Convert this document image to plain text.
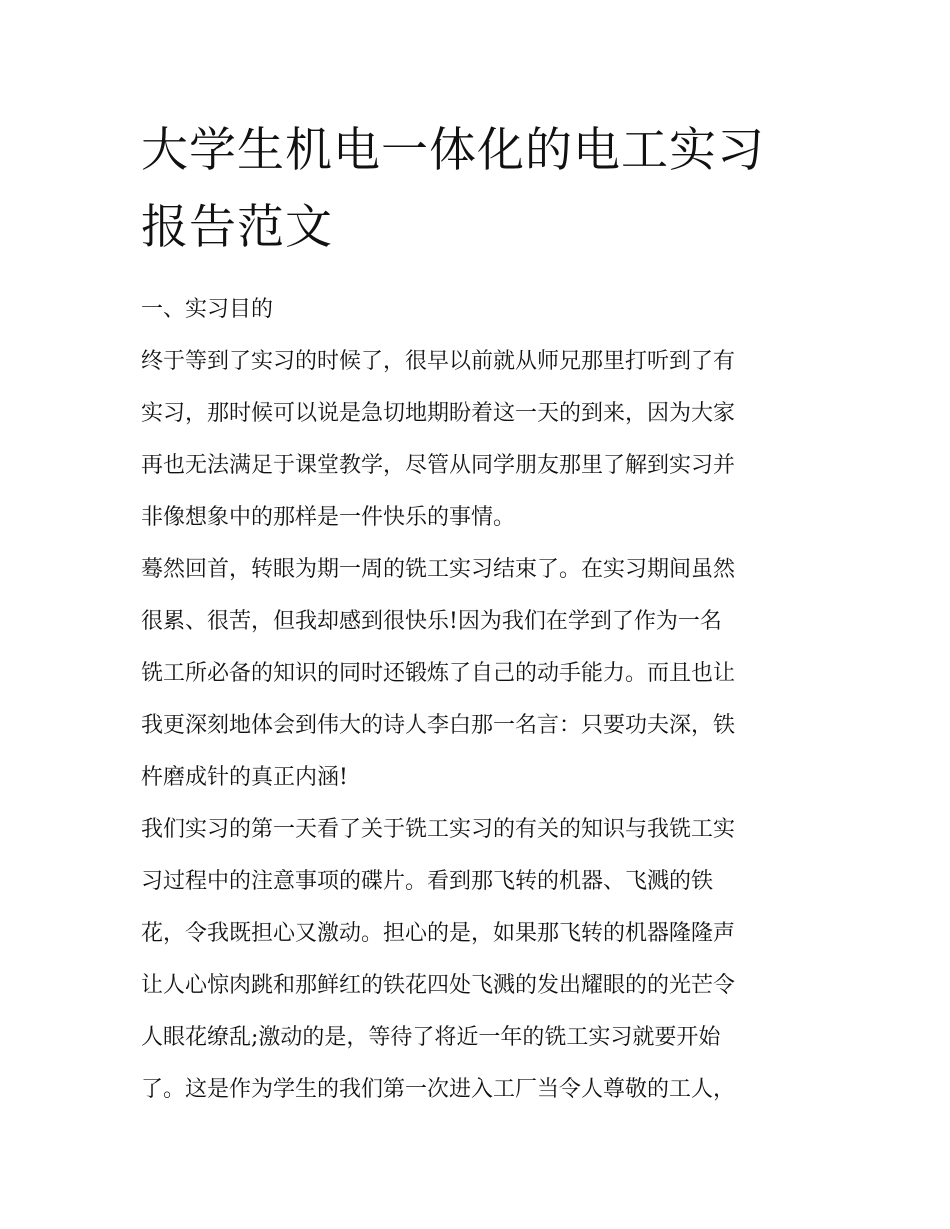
大学生机电一体化的电工实习
报告范文
一、实习目的
终于等到了实习的时候了，很早以前就从师兄那里打听到了有
实习，那时候可以说是急切地期盼着这一天的到来，因为大家
再也无法满足于课堂教学，尽管从同学朋友那里了解到实习并
非像想象中的那样是一件快乐的事情。
蓦然回首，转眼为期一周的铣工实习结束了。在实习期间虽然
很累、很苦，但我却感到很快乐!因为我们在学到了作为一名
铣工所必备的知识的同时还锻炼了自己的动手能力。而且也让
我更深刻地体会到伟大的诗人李白那一名言：只要功夫深，铁
杵磨成针的真正内涵!
我们实习的第一天看了关于铣工实习的有关的知识与我铣工实
习过程中的注意事项的碟片。看到那飞转的机器、飞溅的铁
花，令我既担心又激动。担心的是，如果那飞转的机器隆隆声
让人心惊肉跳和那鲜红的铁花四处飞溅的发出耀眼的的光芒令
人眼花缭乱;激动的是，等待了将近一年的铣工实习就要开始
了。这是作为学生的我们第一次进入工厂当令人尊敬的工人，
